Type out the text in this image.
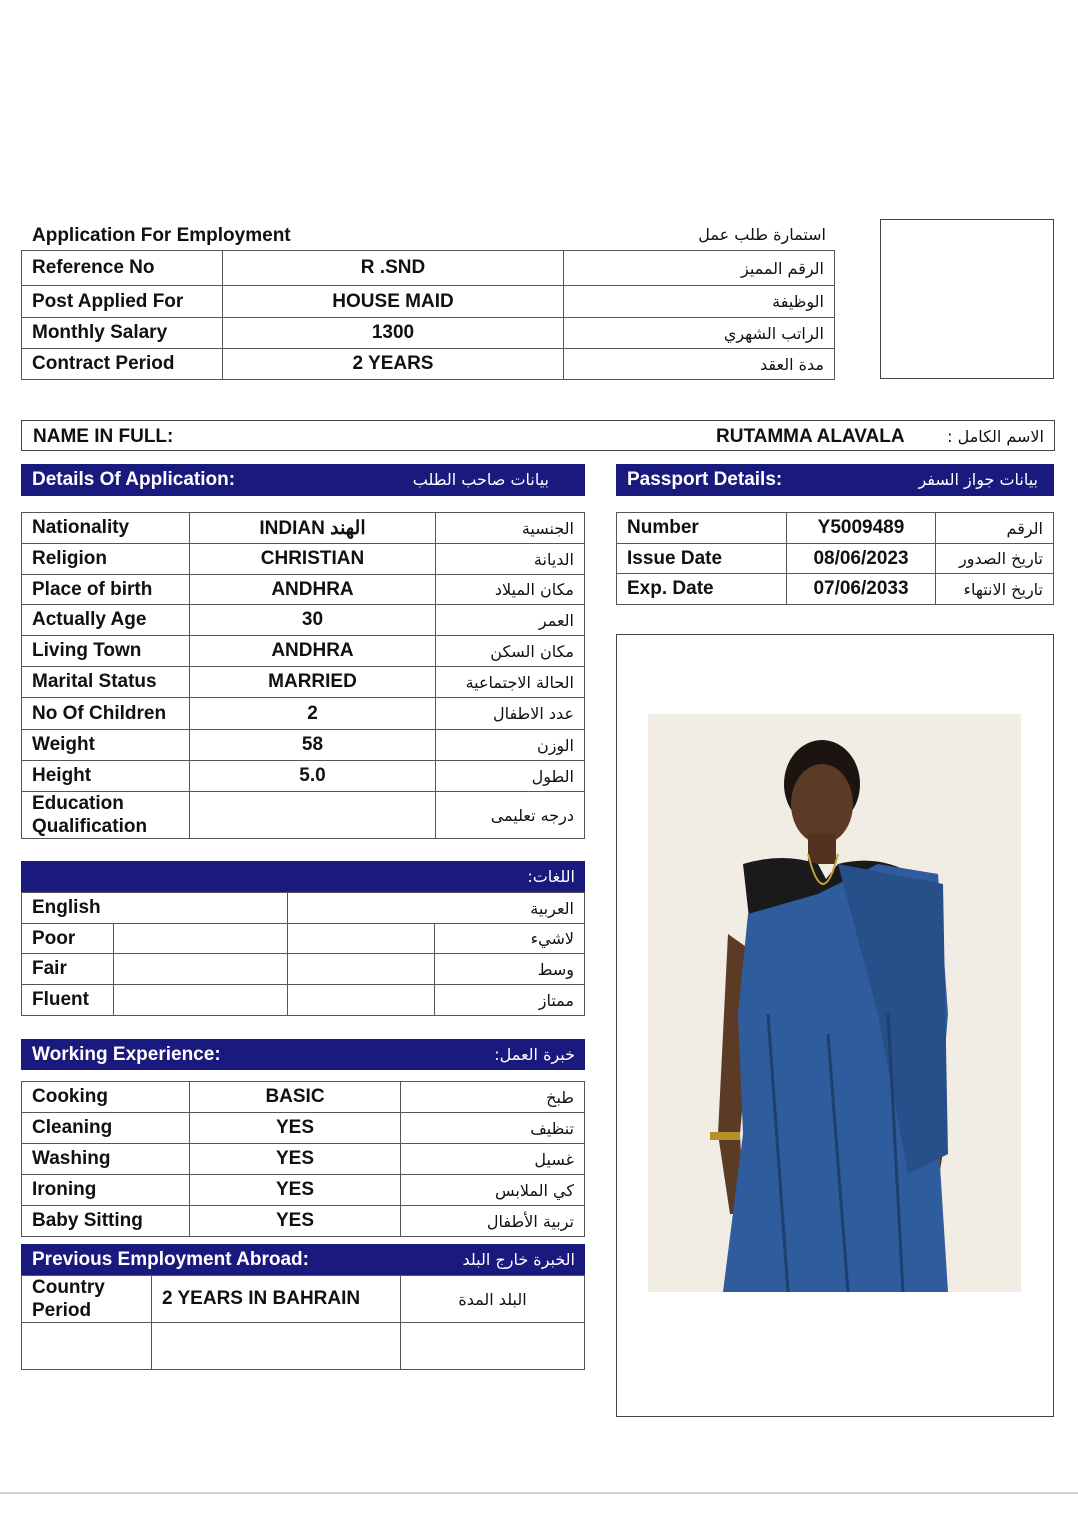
Application For Employment	استمارة طلب عمل
Reference No	R .SND	الرقم المميز
Post Applied For	HOUSE MAID	الوظيفة
Monthly Salary	1300	الراتب الشهري
Contract Period	2 YEARS	مدة العقد
NAME IN FULL:	RUTAMMA ALAVALA	الاسم الكامل :
Details Of Application:	بيانات صاحب الطلب	Passport Details:	بيانات جواز السفر
Nationality	INDIAN الهند	الجنسية
Religion	CHRISTIAN	الديانة
Place of birth	ANDHRA	مكان الميلاد
Actually Age	30	العمر
Living Town	ANDHRA	مكان السكن
Marital Status	MARRIED	الحالة الاجتماعية
No Of Children	2	عدد الاطفال
Weight	58	الوزن
Height	5.0	الطول
Education
Qualification		درجه تعليمى
Number	Y5009489	الرقم
Issue Date	08/06/2023	تاريخ الصدور
Exp. Date	07/06/2033	تاريخ الانتهاء
اللغات:
English		العربية	
Poor			لاشيء
Fair			وسط
Fluent			ممتاز
Working Experience:	خبرة العمل:
Cooking	BASIC	طبخ
Cleaning	YES	تنظيف
Washing	YES	غسيل
Ironing	YES	كي الملابس
Baby Sitting	YES	تربية الأطفال
Previous Employment Abroad:	الخبرة خارج البلد
Country
Period	2 YEARS IN BAHRAIN	البلد المدة
